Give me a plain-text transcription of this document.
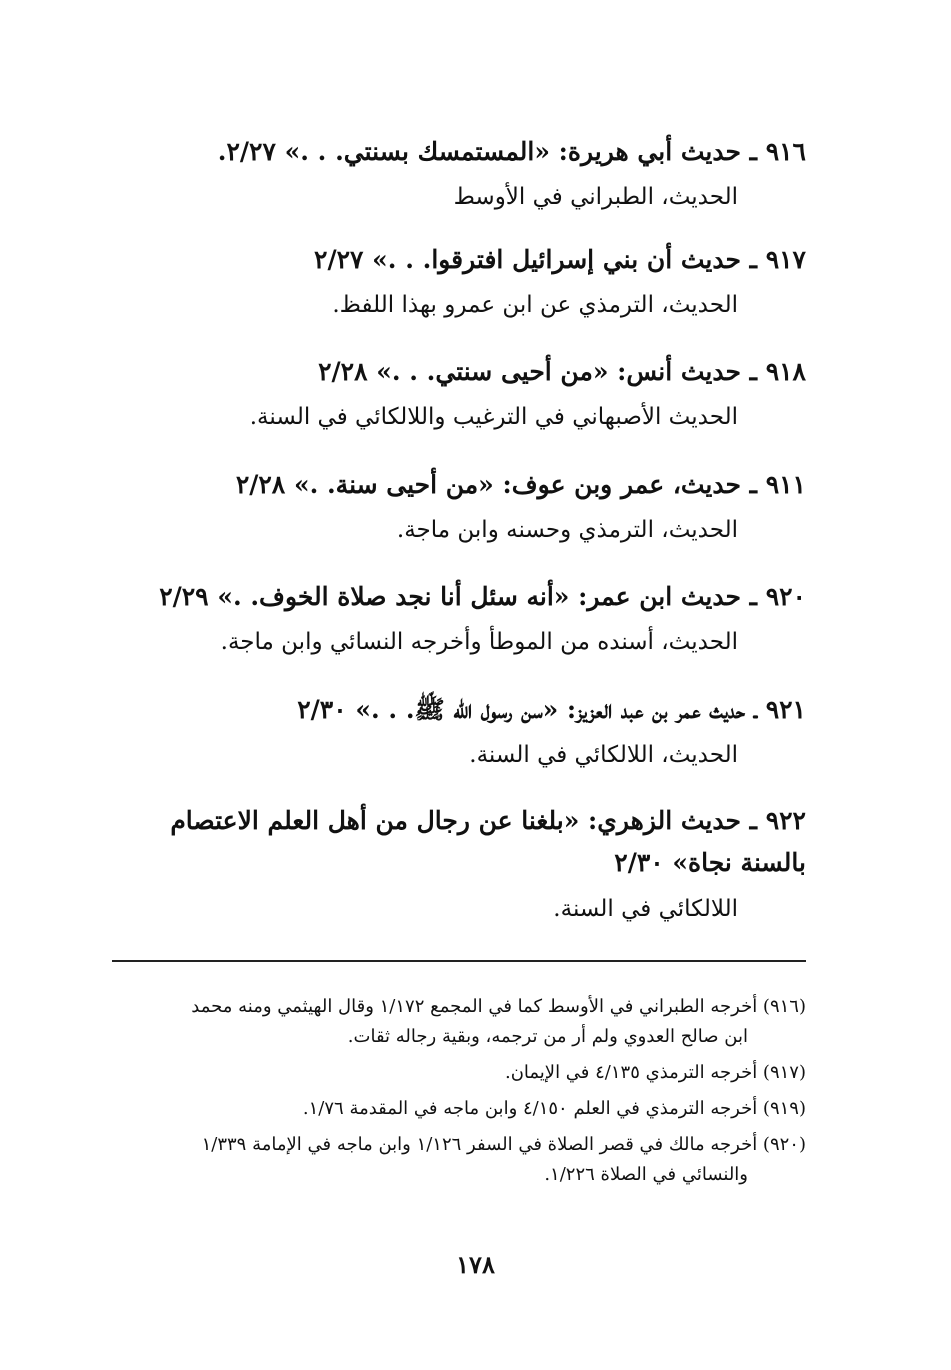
٩١٦ ـ حديث أبي هريرة: «المستمسك بسنتي. . .» ٢/٢٧.
الحديث، الطبراني في الأوسط
٩١٧ ـ حديث أن بني إسرائيل افترقوا. . .» ٢/٢٧
الحديث، الترمذي عن ابن عمرو بهذا اللفظ.
٩١٨ ـ حديث أنس: «من أحيى سنتي. . .» ٢/٢٨
الحديث الأصبهاني في الترغيب واللالكائي في السنة.
٩١١ ـ حديث، عمر وبن عوف: «من أحيى سنة. .» ٢/٢٨
الحديث، الترمذي وحسنه وابن ماجة.
٩٢٠ ـ حديث ابن عمر: «أنه سئل أنا نجد صلاة الخوف. .» ٢/٢٩
الحديث، أسنده من الموطأ وأخرجه النسائي وابن ماجة.
٩٢١ ـ حديث عمر بن عبد العزيز: «سن رسول الله ﷺ. . .» ٢/٣٠
الحديث، اللالكائي في السنة.
٩٢٢ ـ حديث الزهري: «بلغنا عن رجال من أهل العلم الاعتصام بالسنة نجاة» ٢/٣٠
اللالكائي في السنة.
(٩١٦) أخرجه الطبراني في الأوسط كما في المجمع ١/١٧٢ وقال الهيثمي ومنه محمد
ابن صالح العدوي ولم أر من ترجمه، وبقية رجاله ثقات.
(٩١٧) أخرجه الترمذي ٤/١٣٥ في الإيمان.
(٩١٩) أخرجه الترمذي في العلم ٤/١٥٠ وابن ماجه في المقدمة ١/٧٦.
(٩٢٠) أخرجه مالك في قصر الصلاة في السفر ١/١٢٦ وابن ماجه في الإمامة ١/٣٣٩
والنسائي في الصلاة ١/٢٢٦.
١٧٨
